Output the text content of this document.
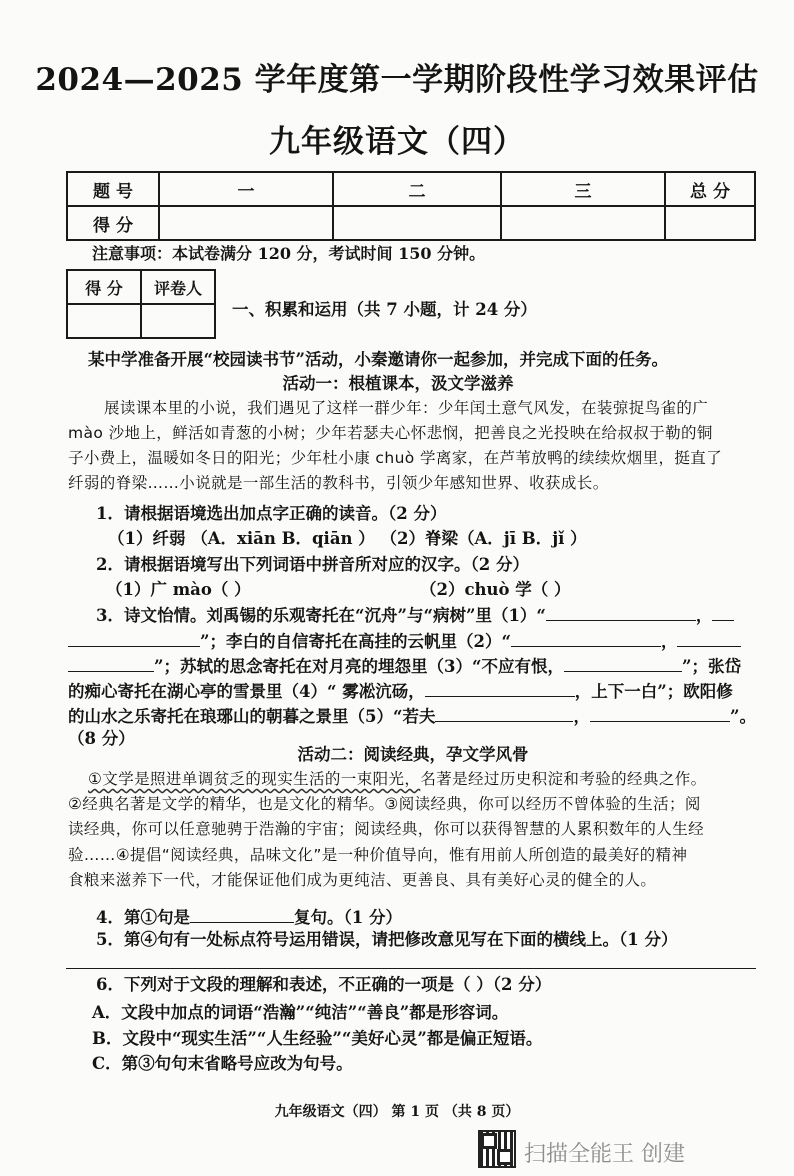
2024—2025 学年度第一学期阶段性学习效果评估
九年级语文（四）
题 号	一	二	三	总 分
得 分				
注意事项：本试卷满分 120 分，考试时间 150 分钟。
得 分	评卷人

一、积累和运用（共 7 小题，计 24 分）
某中学准备开展“校园读书节”活动，小秦邀请你一起参加，并完成下面的任务。
活动一：根植课本，汲文学滋养
展读课本里的小说，我们遇见了这样一群少年：少年闰土意气风发，在装弶捉鸟雀的广
mào 沙地上，鲜活如青葱的小树；少年若瑟夫心怀悲悯，把善良之光投映在给叔叔于勒的铜
子小费上，温暖如冬日的阳光；少年杜小康 chuò 学离家，在芦苇放鸭的续续炊烟里，挺直了
纤弱的脊梁……小说就是一部生活的教科书，引领少年感知世界、收获成长。
1．请根据语境选出加点字正确的读音。（2 分）
（1）纤弱 （A．xiān B．qiān ） （2）脊梁（A．jī B．jǐ ）
2．请根据语境写出下列词语中拼音所对应的汉字。（2 分）
（1）广 mào（ ）	（2）chuò 学（ ）
3．诗文怡情。刘禹锡的乐观寄托在“沉舟”与“病树”里（1）“	，
”；李白的自信寄托在高挂的云帆里（2）“	，
”；苏轼的思念寄托在对月亮的埋怨里（3）“不应有恨，	”；张岱
的痴心寄托在湖心亭的雪景里（4）“ 雾凇沆砀，	，上下一白”；欧阳修
的山水之乐寄托在琅琊山的朝暮之景里（5）“若夫	，	”。
（8 分）
活动二：阅读经典，孕文学风骨
①文学是照进单调贫乏的现实生活的一束阳光，名著是经过历史积淀和考验的经典之作。
②经典名著是文学的精华，也是文化的精华。③阅读经典，你可以经历不曾体验的生活；阅
读经典，你可以任意驰骋于浩瀚的宇宙；阅读经典，你可以获得智慧的人累积数年的人生经
验……④提倡“阅读经典，品味文化”是一种价值导向，惟有用前人所创造的最美好的精神
食粮来滋养下一代，才能保证他们成为更纯洁、更善良、具有美好心灵的健全的人。
4．第①句是	复句。（1 分）
5．第④句有一处标点符号运用错误，请把修改意见写在下面的横线上。（1 分）
6．下列对于文段的理解和表述，不正确的一项是（ ）（2 分）
A．文段中加点的词语“浩瀚”“纯洁”“善良”都是形容词。
B．文段中“现实生活”“人生经验”“美好心灵”都是偏正短语。
C．第③句句末省略号应改为句号。
九年级语文（四） 第 1 页 （共 8 页）
扫描全能王 创建
